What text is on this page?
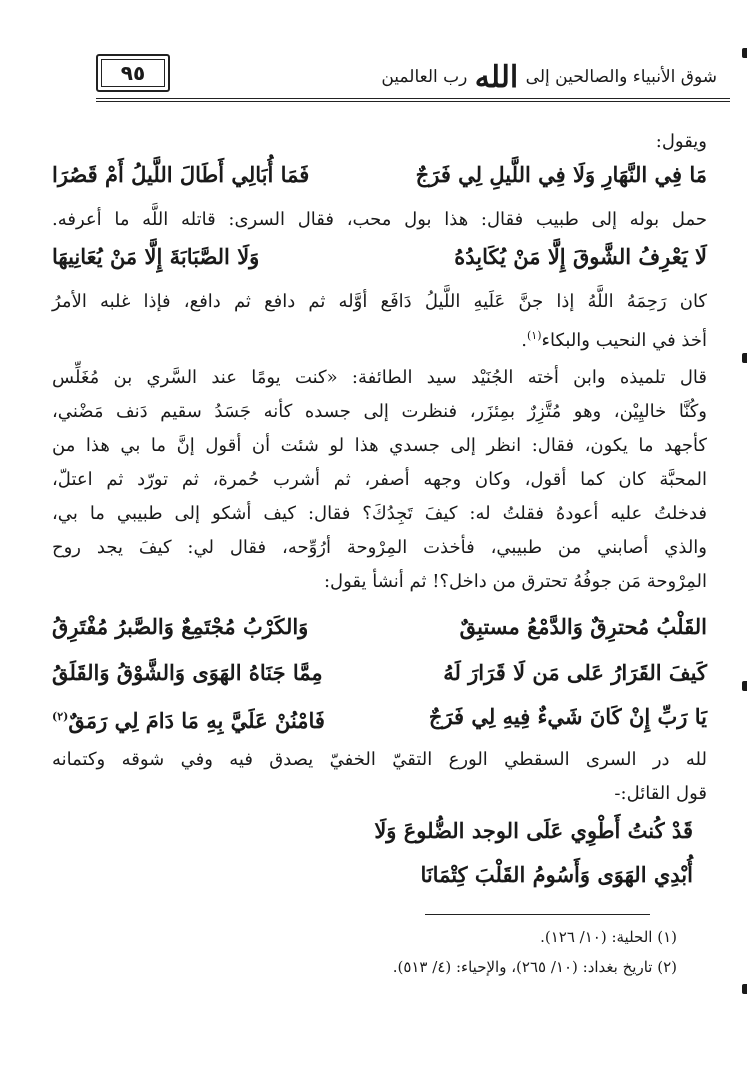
٩٥	شوق الأنبياء والصالحين إلى الله رب العالمين
ويقول:
مَا فِي النَّهَارِ وَلَا فِي اللَّيلِ لِي فَرَجٌ
فَمَا أُبَالِي أَطَالَ اللَّيلُ أَمْ قَصُرَا
حمل بوله إلى طبيب فقال: هذا بول محب، فقال السرى: قاتله اللَّه ما أعرفه.
لَا يَعْرِفُ الشَّوقَ إِلَّا مَنْ يُكَابِدُهُ
وَلَا الصَّبَابَةَ إِلَّا مَنْ يُعَانِيهَا
كان رَحِمَهُ اللَّهُ إذا جنَّ عَلَيهِ اللَّيلُ دَافَع أوَّله ثم دافع ثم دافع، فإذا غلبه الأمرُ
أخذ في النحيب والبكاء$^{(١)}$.
قال تلميذه وابن أخته الجُنَيْد سيد الطائفة: «كنت يومًا عند السَّري بن مُغَلِّس
وكُنَّا خاليِيْن، وهو مُتَّزِرٌ بمِئزَر، فنظرت إلى جسده كأنه جَسَدُ سقيم دَنف مَضْني،
كأجهد ما يكون، فقال: انظر إلى جسدي هذا لو شئت أن أقول إنَّ ما بي هذا من
المحبَّة كان كما أقول، وكان وجهه أصفر، ثم أشرب حُمرة، ثم تورّد ثم اعتلّ،
فدخلتُ عليه أعودهُ فقلتُ له: كيفَ تَجِدُكَ؟ فقال: كيف أشكو إلى طبيبي ما بي،
والذي أصابني من طبيبي، فأخذت المِرْوحة أرُوِّحه، فقال لي: كيفَ يجد روح
المِرْوحة مَن جوفُهُ تحترق من داخل؟! ثم أنشأ يقول:
القَلْبُ مُحترِقٌ وَالدَّمْعُ مستبِقٌ
وَالكَرْبُ مُجْتَمِعٌ وَالصَّبرُ مُفْتَرِقُ
كَيفَ القَرَارُ عَلى مَن لَا قَرَارَ لَهُ
مِمَّا جَنَاهُ الهَوَى وَالشَّوْقُ وَالقَلَقُ
يَا رَبِّ إِنْ كَانَ شَيءٌ فِيهِ لِي فَرَجٌ
فَامْنُنْ عَلَيَّ بِهِ مَا دَامَ لِي رَمَقٌ$^{(٢)}$
لله در السرى السقطي الورع التقيّ الخفيّ يصدق فيه وفي شوقه وكتمانه
قول القائل:-
قَدْ كُنتُ أَطْوِي عَلَى الوجد الضُّلوعَ وَلَا
أُبْدِي الهَوَى وَأَسُومُ القَلْبَ كِتْمَانَا
(١) الحلية: (١٠/ ١٢٦).
(٢) تاريخ بغداد: (١٠/ ٢٦٥)، والإحياء: (٤/ ٥١٣).
